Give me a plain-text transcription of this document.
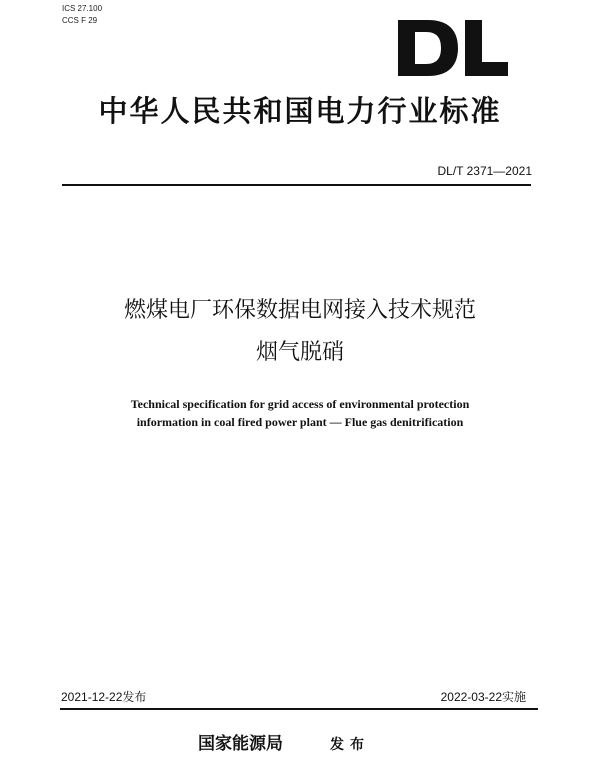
ICS 27.100
CCS F 29
中华人民共和国电力行业标准
DL/T 2371—2021
燃煤电厂环保数据电网接入技术规范
烟气脱硝
Technical specification for grid access of environmental protection
information in coal fired power plant — Flue gas denitrification
2021-12-22发布	2022-03-22实施
国家能源局	发布
